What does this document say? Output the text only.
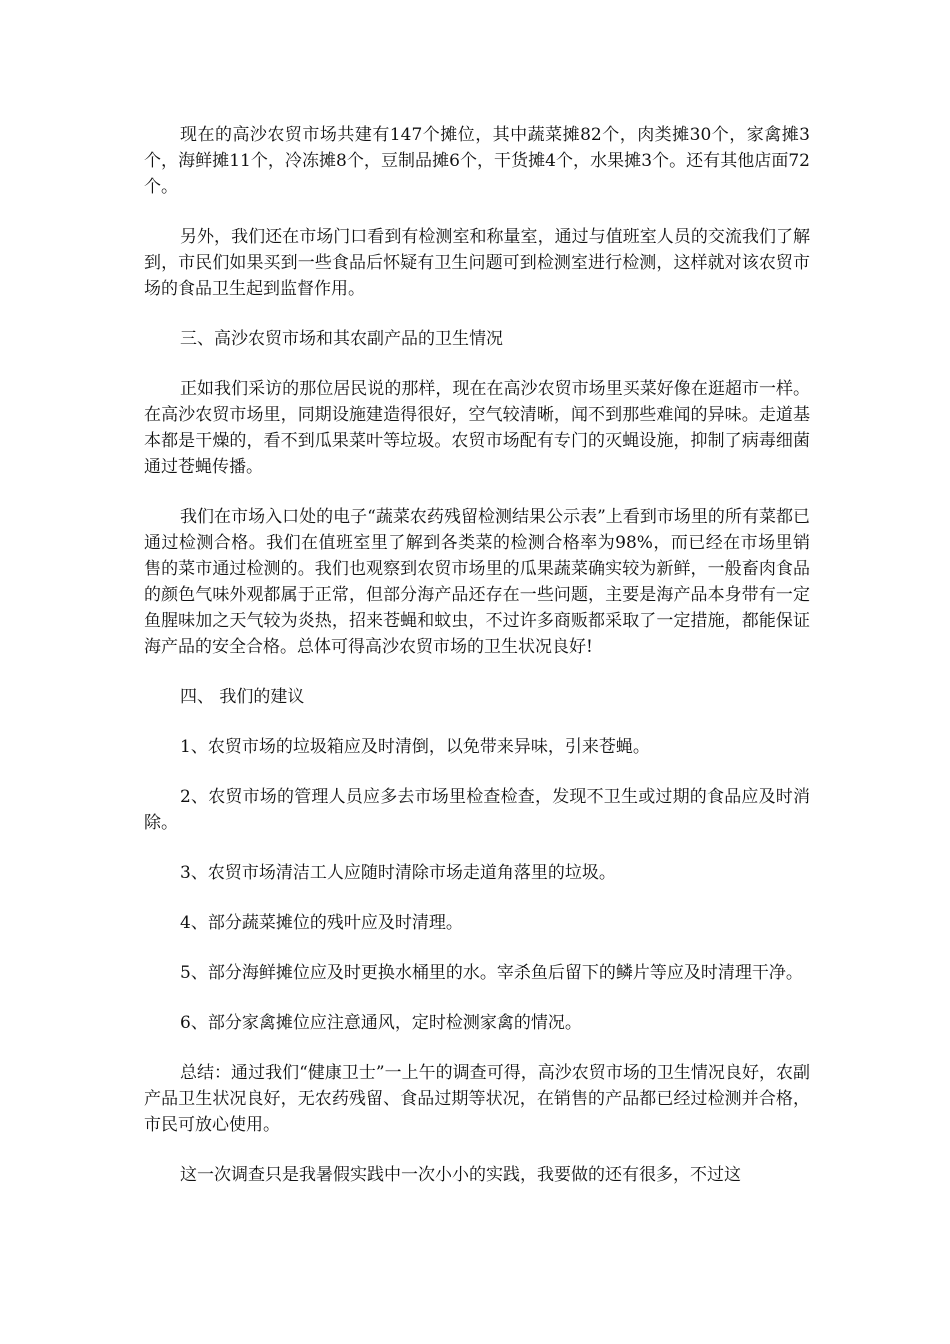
现在的高沙农贸市场共建有147个摊位，其中蔬菜摊82个，肉类摊30个，家禽摊3个，海鲜摊11个，冷冻摊8个，豆制品摊6个，干货摊4个，水果摊3个。还有其他店面72个。

另外，我们还在市场门口看到有检测室和称量室，通过与值班室人员的交流我们了解到，市民们如果买到一些食品后怀疑有卫生问题可到检测室进行检测，这样就对该农贸市场的食品卫生起到监督作用。

三、高沙农贸市场和其农副产品的卫生情况

正如我们采访的那位居民说的那样，现在在高沙农贸市场里买菜好像在逛超市一样。在高沙农贸市场里，同期设施建造得很好，空气较清晰，闻不到那些难闻的异味。走道基本都是干燥的，看不到瓜果菜叶等垃圾。农贸市场配有专门的灭蝇设施，抑制了病毒细菌通过苍蝇传播。

我们在市场入口处的电子“蔬菜农药残留检测结果公示表”上看到市场里的所有菜都已通过检测合格。我们在值班室里了解到各类菜的检测合格率为98%，而已经在市场里销售的菜市通过检测的。我们也观察到农贸市场里的瓜果蔬菜确实较为新鲜，一般畜肉食品的颜色气味外观都属于正常，但部分海产品还存在一些问题，主要是海产品本身带有一定鱼腥味加之天气较为炎热，招来苍蝇和蚊虫，不过许多商贩都采取了一定措施，都能保证海产品的安全合格。总体可得高沙农贸市场的卫生状况良好!

四、 我们的建议

1、农贸市场的垃圾箱应及时清倒，以免带来异味，引来苍蝇。

2、农贸市场的管理人员应多去市场里检查检查，发现不卫生或过期的食品应及时消除。

3、农贸市场清洁工人应随时清除市场走道角落里的垃圾。

4、部分蔬菜摊位的残叶应及时清理。

5、部分海鲜摊位应及时更换水桶里的水。宰杀鱼后留下的鳞片等应及时清理干净。

6、部分家禽摊位应注意通风，定时检测家禽的情况。

总结：通过我们“健康卫士”一上午的调查可得，高沙农贸市场的卫生情况良好，农副产品卫生状况良好，无农药残留、食品过期等状况，在销售的产品都已经过检测并合格，市民可放心使用。

这一次调查只是我暑假实践中一次小小的实践，我要做的还有很多，不过这
